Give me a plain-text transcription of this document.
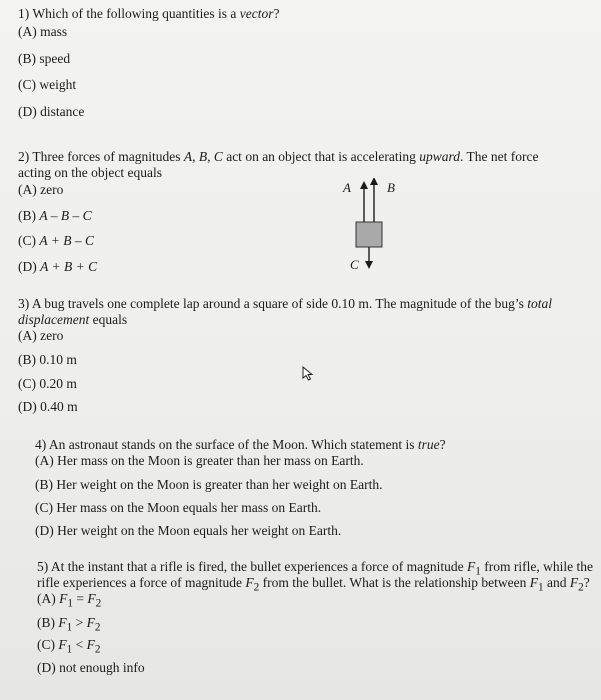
1) Which of the following quantities is a vector?
(A) mass
(B) speed
(C) weight
(D) distance
2) Three forces of magnitudes A, B, C act on an object that is accelerating upward. The net force
acting on the object equals
(A) zero
(B) A – B – C
(C) A + B – C
(D) A + B + C
A	B
C
3) A bug travels one complete lap around a square of side 0.10 m. The magnitude of the bug’s total
displacement equals
(A) zero
(B) 0.10 m
(C) 0.20 m
(D) 0.40 m
4) An astronaut stands on the surface of the Moon. Which statement is true?
(A) Her mass on the Moon is greater than her mass on Earth.
(B) Her weight on the Moon is greater than her weight on Earth.
(C) Her mass on the Moon equals her mass on Earth.
(D) Her weight on the Moon equals her weight on Earth.
5) At the instant that a rifle is fired, the bullet experiences a force of magnitude $F_1$ from rifle, while the
rifle experiences a force of magnitude $F_2$ from the bullet. What is the relationship between $F_1$ and $F_2$?
(A) $F_1 = F_2$
(B) $F_1 > F_2$
(C) $F_1 < F_2$
(D) not enough info
